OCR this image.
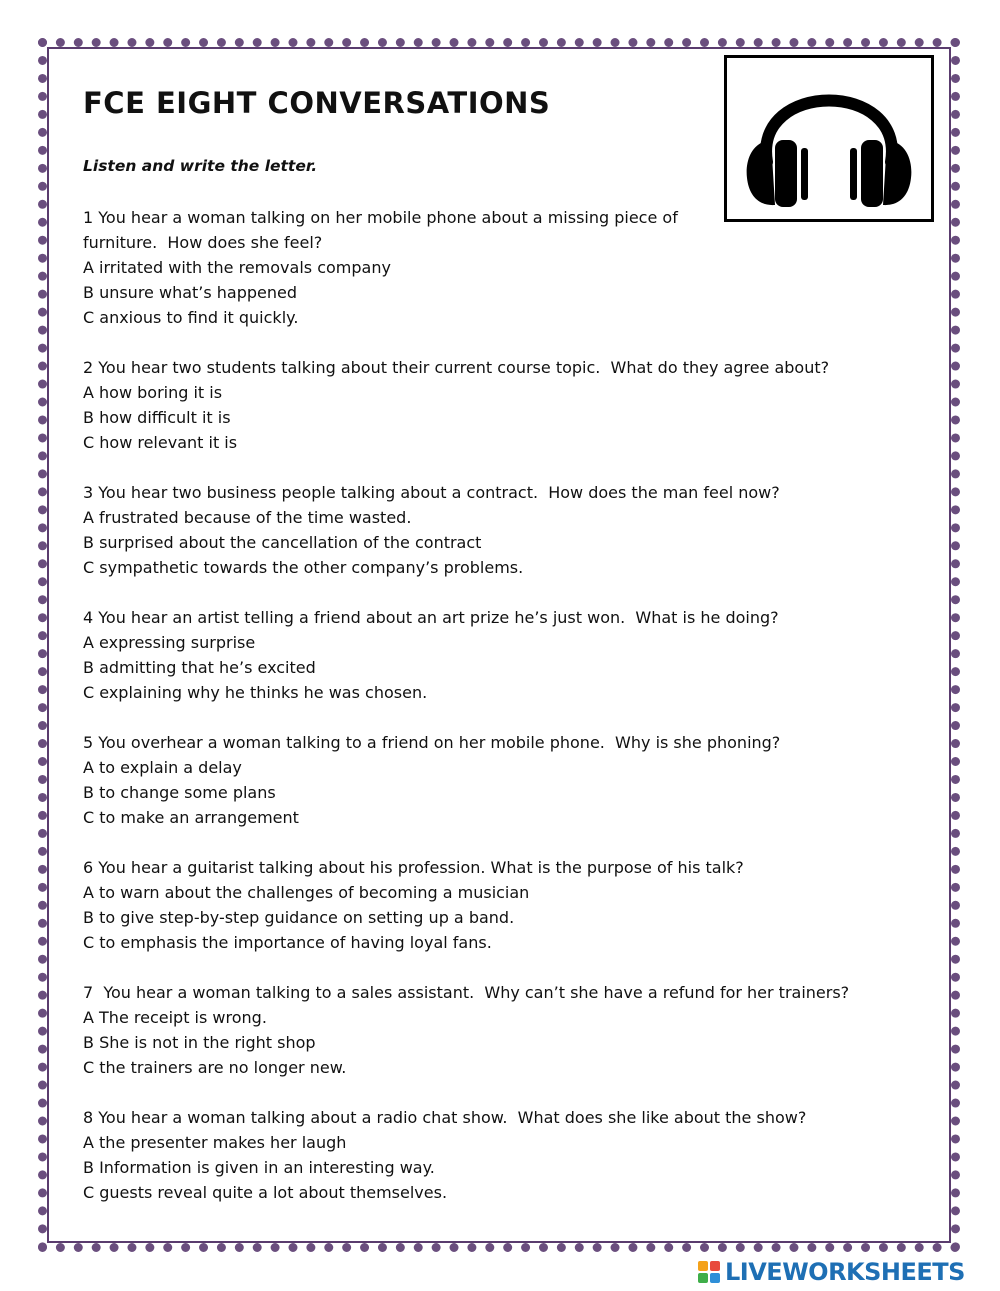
FCE EIGHT CONVERSATIONS

Listen and write the letter.

1 You hear a woman talking on her mobile phone about a missing piece of furniture.  How does she feel?

A irritated with the removals company

B unsure what’s happened

C anxious to find it quickly.

2 You hear two students talking about their current course topic.  What do they agree about?

A how boring it is

B how difficult it is

C how relevant it is

3 You hear two business people talking about a contract.  How does the man feel now?

A frustrated because of the time wasted.

B surprised about the cancellation of the contract

C sympathetic towards the other company’s problems.

4 You hear an artist telling a friend about an art prize he’s just won.  What is he doing?

A expressing surprise

B admitting that he’s excited

C explaining why he thinks he was chosen.

5 You overhear a woman talking to a friend on her mobile phone.  Why is she phoning?

A to explain a delay

B to change some plans

C to make an arrangement

6 You hear a guitarist talking about his profession. What is the purpose of his talk?

A to warn about the challenges of becoming a musician

B to give step-by-step guidance on setting up a band.

C to emphasis the importance of having loyal fans.

7  You hear a woman talking to a sales assistant.  Why can’t she have a refund for her trainers?

A The receipt is wrong.

B She is not in the right shop

C the trainers are no longer new.

8 You hear a woman talking about a radio chat show.  What does she like about the show?

A the presenter makes her laugh

B Information is given in an interesting way.

C guests reveal quite a lot about themselves.

LIVEWORKSHEETS
